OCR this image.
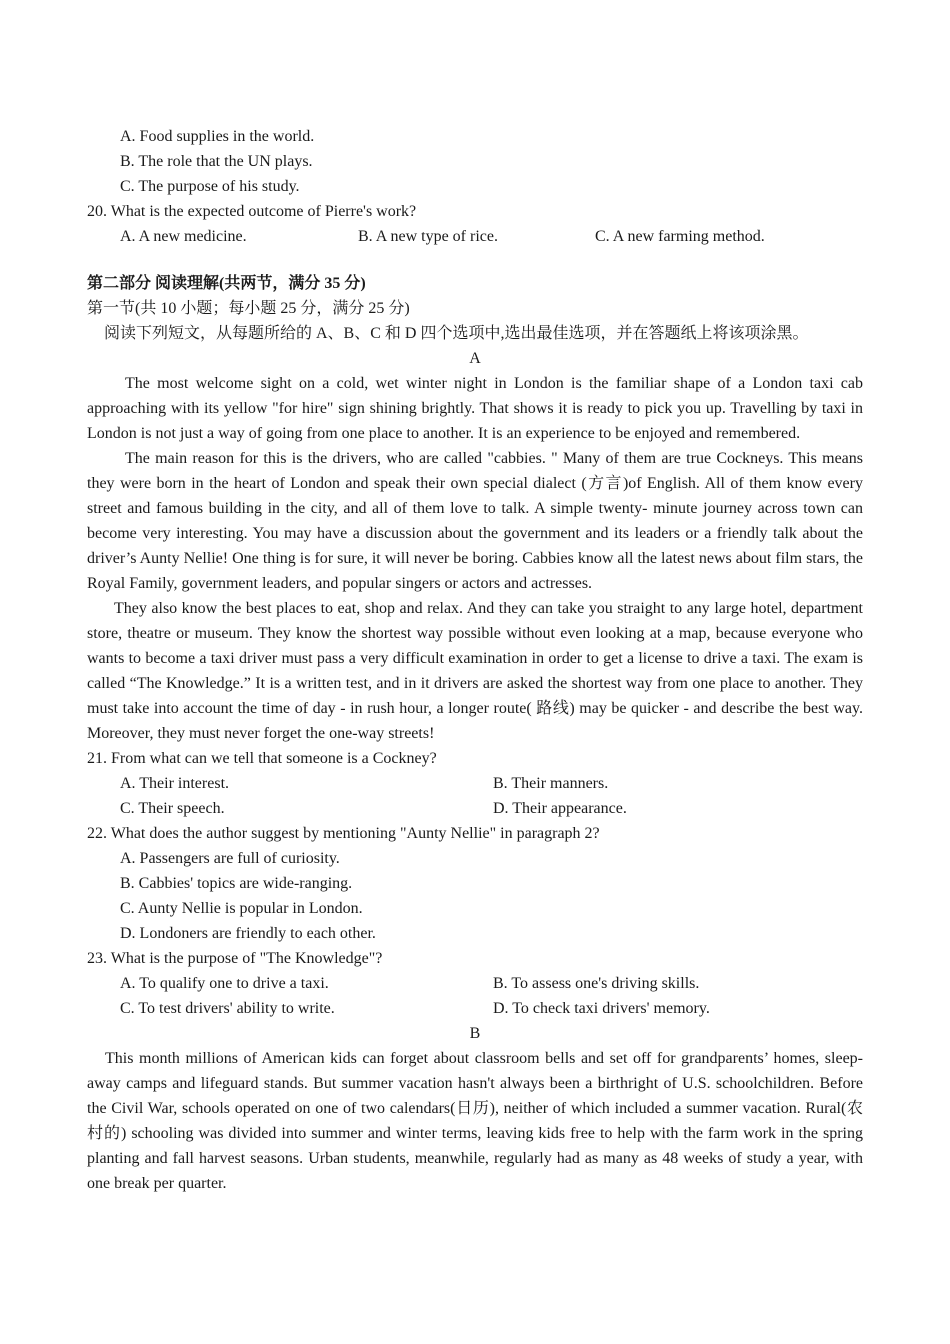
A. Food supplies in the world.
B. The role that the UN plays.
C. The purpose of his study.
20. What is the expected outcome of Pierre's work?
A. A new medicine.	B. A new type of rice.	C. A new farming method.
第二部分 阅读理解(共两节，满分 35 分)
第一节(共 10 小题；每小题 25 分，满分 25 分)
阅读下列短文，从每题所给的 A、B、C 和 D 四个选项中,选出最佳选项，并在答题纸上将该项涂黑。
A

The most welcome sight on a cold, wet winter night in London is the familiar shape of a London taxi cab approaching with its yellow "for hire" sign shining brightly. That shows it is ready to pick you up. Travelling by taxi in London is not just a way of going from one place to another. It is an experience to be enjoyed and remembered.

The main reason for this is the drivers, who are called "cabbies. " Many of them are true Cockneys. This means they were born in the heart of London and speak their own special dialect (方言)of English. All of them know every street and famous building in the city, and all of them love to talk. A simple twenty- minute journey across town can become very interesting. You may have a discussion about the government and its leaders or a friendly talk about the driver’s Aunty Nellie! One thing is for sure, it will never be boring. Cabbies know all the latest news about film stars, the Royal Family, government leaders, and popular singers or actors and actresses.

They also know the best places to eat, shop and relax. And they can take you straight to any large hotel, department store, theatre or museum. They know the shortest way possible without even looking at a map, because everyone who wants to become a taxi driver must pass a very difficult examination in order to get a license to drive a taxi. The exam is called “The Knowledge.” It is a written test, and in it drivers are asked the shortest way from one place to another. They must take into account the time of day - in rush hour, a longer route( 路线) may be quicker - and describe the best way. Moreover, they must never forget the one-way streets!

21. From what can we tell that someone is a Cockney?
A. Their interest.	B. Their manners.
C. Their speech.	D. Their appearance.
22. What does the author suggest by mentioning "Aunty Nellie" in paragraph 2?
A. Passengers are full of curiosity.
B. Cabbies' topics are wide-ranging.
C. Aunty Nellie is popular in London.
D. Londoners are friendly to each other.
23. What is the purpose of "The Knowledge"?
A. To qualify one to drive a taxi.	B. To assess one's driving skills.
C. To test drivers' ability to write.	D. To check taxi drivers' memory.
B

This month millions of American kids can forget about classroom bells and set off for grandparents’ homes, sleep-away camps and lifeguard stands. But summer vacation hasn't always been a birthright of U.S. schoolchildren. Before the Civil War, schools operated on one of two calendars(日历), neither of which included a summer vacation. Rural(农村的) schooling was divided into summer and winter terms, leaving kids free to help with the farm work in the spring planting and fall harvest seasons. Urban students, meanwhile, regularly had as many as 48 weeks of study a year, with one break per quarter.
